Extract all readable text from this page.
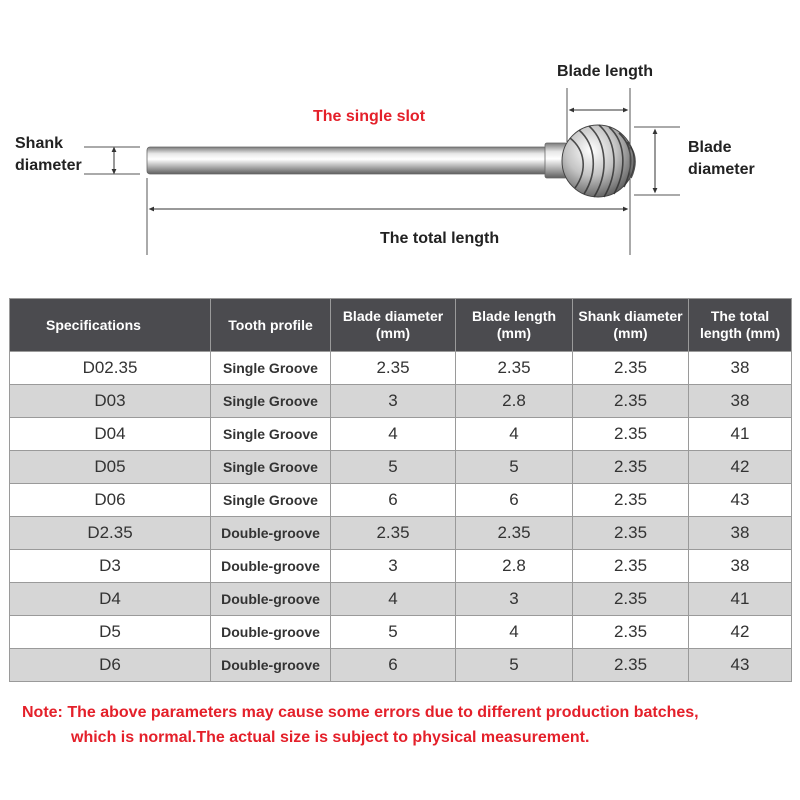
The single slot
Blade length
Blade diameter
Shank diameter
The total length
Specifications	Tooth profile	Blade diameter (mm)	Blade length (mm)	Shank diameter (mm)	The total length (mm)
D02.35	Single Groove	2.35	2.35	2.35	38
D03	Single Groove	3	2.8	2.35	38
D04	Single Groove	4	4	2.35	41
D05	Single Groove	5	5	2.35	42
D06	Single Groove	6	6	2.35	43
D2.35	Double-groove	2.35	2.35	2.35	38
D3	Double-groove	3	2.8	2.35	38
D4	Double-groove	4	3	2.35	41
D5	Double-groove	5	4	2.35	42
D6	Double-groove	6	5	2.35	43
Note: The above parameters may cause some errors due to different production batches,
which is normal.The actual size is subject to physical measurement.
